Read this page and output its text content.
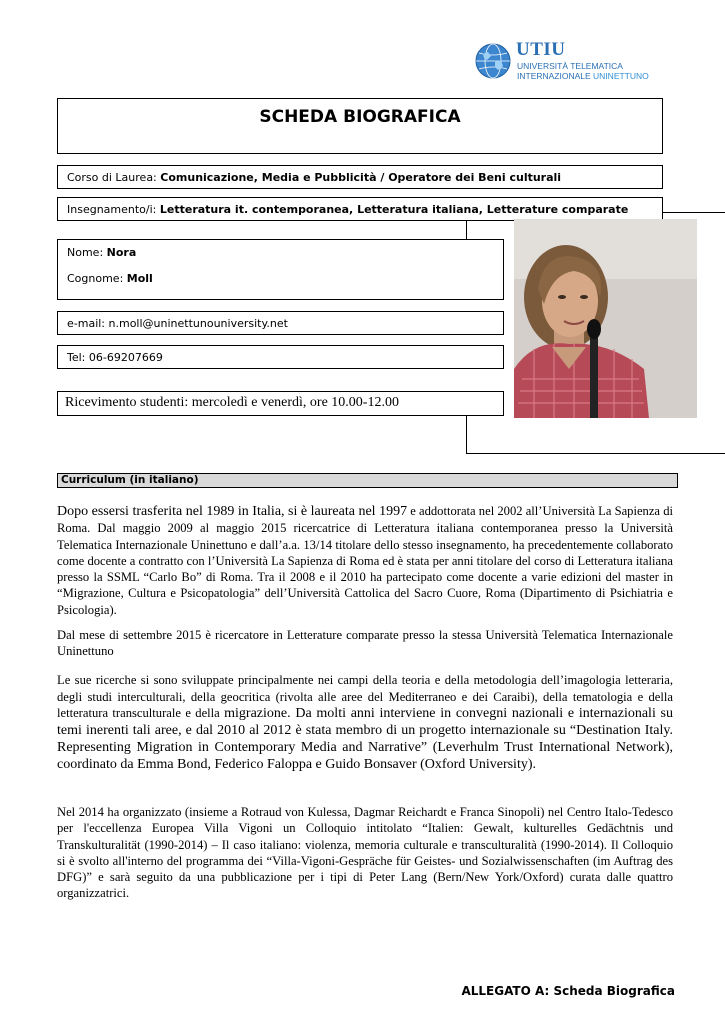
UTIU
UNIVERSITÀ TELEMATICA
INTERNAZIONALE UNINETTUNO
SCHEDA BIOGRAFICA
Corso di Laurea: Comunicazione, Media e Pubblicità / Operatore dei Beni culturali
Insegnamento/i: Letteratura it. contemporanea, Letteratura italiana, Letterature comparate
Nome: Nora
Cognome: Moll
e-mail: n.moll@uninettunouniversity.net
Tel: 06-69207669
Ricevimento studenti: mercoledì e venerdì, ore 10.00-12.00
Curriculum (in italiano)
Dopo essersi trasferita nel 1989 in Italia, si è laureata nel 1997 e addottorata nel 2002 allʼUniversità La Sapienza di Roma. Dal maggio 2009 al maggio 2015 ricercatrice di Letteratura italiana contemporanea presso la Università Telematica Internazionale Uninettuno e dallʼa.a. 13/14 titolare dello stesso insegnamento, ha precedentemente collaborato come docente a contratto con lʼUniversità La Sapienza di Roma ed è stata per anni titolare del corso di Letteratura italiana presso la SSML “Carlo Bo” di Roma. Tra il 2008 e il 2010 ha partecipato come docente a varie edizioni del master in “Migrazione, Cultura e Psicopatologia” dellʼUniversità Cattolica del Sacro Cuore, Roma (Dipartimento di Psichiatria e Psicologia).
Dal mese di settembre 2015 è ricercatore in Letterature comparate presso la stessa Università Telematica Internazionale Uninettuno
Le sue ricerche si sono sviluppate principalmente nei campi della teoria e della metodologia dellʼimagologia letteraria, degli studi interculturali, della geocritica (rivolta alle aree del Mediterraneo e dei Caraibi), della tematologia e della letteratura transculturale e della migrazione. Da molti anni interviene in convegni nazionali e internazionali su temi inerenti tali aree, e dal 2010 al 2012 è stata membro di un progetto internazionale su “Destination Italy. Representing Migration in Contemporary Media and Narrative” (Leverhulm Trust International Network), coordinato da Emma Bond, Federico Faloppa e Guido Bonsaver (Oxford University).
Nel 2014 ha organizzato (insieme a Rotraud von Kulessa, Dagmar Reichardt e Franca Sinopoli) nel Centro Italo-Tedesco per l'eccellenza Europea Villa Vigoni un Colloquio intitolato “Italien: Gewalt, kulturelles Gedächtnis und Transkulturalität (1990-2014) – Il caso italiano: violenza, memoria culturale e transculturalità (1990-2014). Il Colloquio si è svolto all'interno del programma dei “Villa-Vigoni-Gespräche für Geistes- und Sozialwissenschaften (im Auftrag des DFG)” e sarà seguito da una pubblicazione per i tipi di Peter Lang (Bern/New York/Oxford) curata dalle quattro organizzatrici.
ALLEGATO A: Scheda Biografica
